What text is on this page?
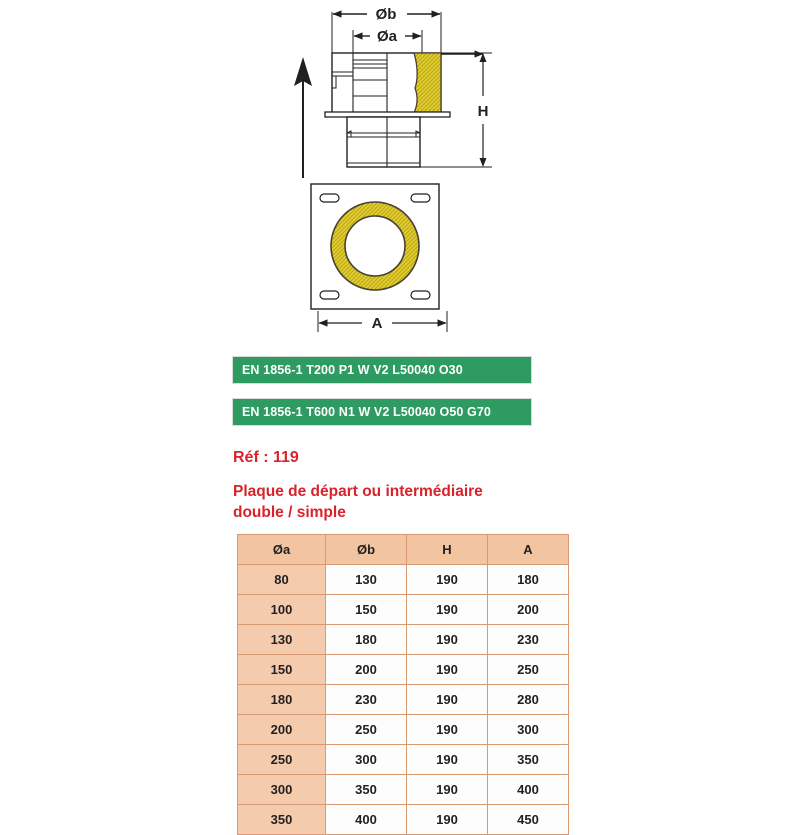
Øb
Øa
H
A
EN 1856-1 T200 P1 W V2 L50040 O30
EN 1856-1 T600 N1 W V2 L50040 O50 G70
Réf : 119
Plaque de départ ou intermédiaire
double / simple
Øa	Øb	H	A
80	130	190	180
100	150	190	200
130	180	190	230
150	200	190	250
180	230	190	280
200	250	190	300
250	300	190	350
300	350	190	400
350	400	190	450
